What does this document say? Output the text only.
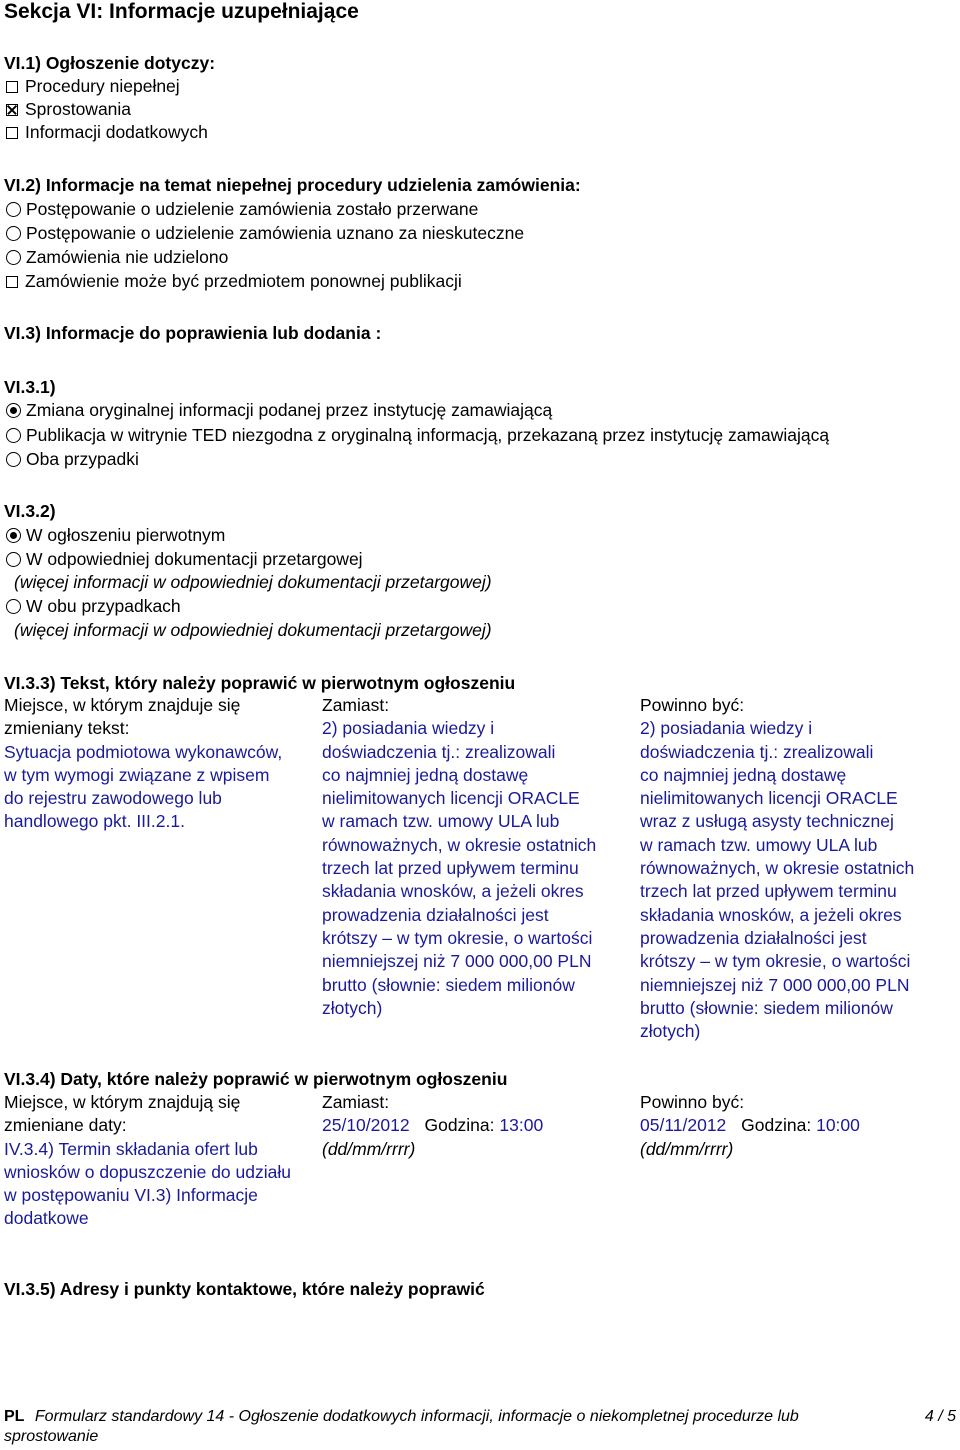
Sekcja VI: Informacje uzupełniające
VI.1) Ogłoszenie dotyczy:
Procedury niepełnej
Sprostowania
Informacji dodatkowych
VI.2) Informacje na temat niepełnej procedury udzielenia zamówienia:
Postępowanie o udzielenie zamówienia zostało przerwane
Postępowanie o udzielenie zamówienia uznano za nieskuteczne
Zamówienia nie udzielono
Zamówienie może być przedmiotem ponownej publikacji
VI.3) Informacje do poprawienia lub dodania :
VI.3.1)
Zmiana oryginalnej informacji podanej przez instytucję zamawiającą
Publikacja w witrynie TED niezgodna z oryginalną informacją, przekazaną przez instytucję zamawiającą
Oba przypadki
VI.3.2)
W ogłoszeniu pierwotnym
W odpowiedniej dokumentacji przetargowej
(więcej informacji w odpowiedniej dokumentacji przetargowej)
W obu przypadkach
(więcej informacji w odpowiedniej dokumentacji przetargowej)
VI.3.3) Tekst, który należy poprawić w pierwotnym ogłoszeniu
Miejsce, w którym znajduje się
zmieniany tekst:
Sytuacja podmiotowa wykonawców,
w tym wymogi związane z wpisem
do rejestru zawodowego lub
handlowego pkt. III.2.1.
Zamiast:
2) posiadania wiedzy i
doświadczenia tj.: zrealizowali
co najmniej jedną dostawę
nielimitowanych licencji ORACLE
w ramach tzw. umowy ULA lub
równoważnych, w okresie ostatnich
trzech lat przed upływem terminu
składania wnosków, a jeżeli okres
prowadzenia działalności jest
krótszy – w tym okresie, o wartości
niemniejszej niż 7 000 000,00 PLN
brutto (słownie: siedem milionów
złotych)
Powinno być:
2) posiadania wiedzy i
doświadczenia tj.: zrealizowali
co najmniej jedną dostawę
nielimitowanych licencji ORACLE
wraz z usługą asysty technicznej
w ramach tzw. umowy ULA lub
równoważnych, w okresie ostatnich
trzech lat przed upływem terminu
składania wnosków, a jeżeli okres
prowadzenia działalności jest
krótszy – w tym okresie, o wartości
niemniejszej niż 7 000 000,00 PLN
brutto (słownie: siedem milionów
złotych)
VI.3.4) Daty, które należy poprawić w pierwotnym ogłoszeniu
Miejsce, w którym znajdują się
zmieniane daty:
IV.3.4) Termin składania ofert lub
wniosków o dopuszczenie do udziału
w postępowaniu VI.3) Informacje
dodatkowe
Zamiast:
25/10/2012 Godzina: 13:00
(dd/mm/rrrr)
Powinno być:
05/11/2012 Godzina: 10:00
(dd/mm/rrrr)
VI.3.5) Adresy i punkty kontaktowe, które należy poprawić
PL Formularz standardowy 14 - Ogłoszenie dodatkowych informacji, informacje o niekompletnej procedurze lub
sprostowanie
4 / 5
